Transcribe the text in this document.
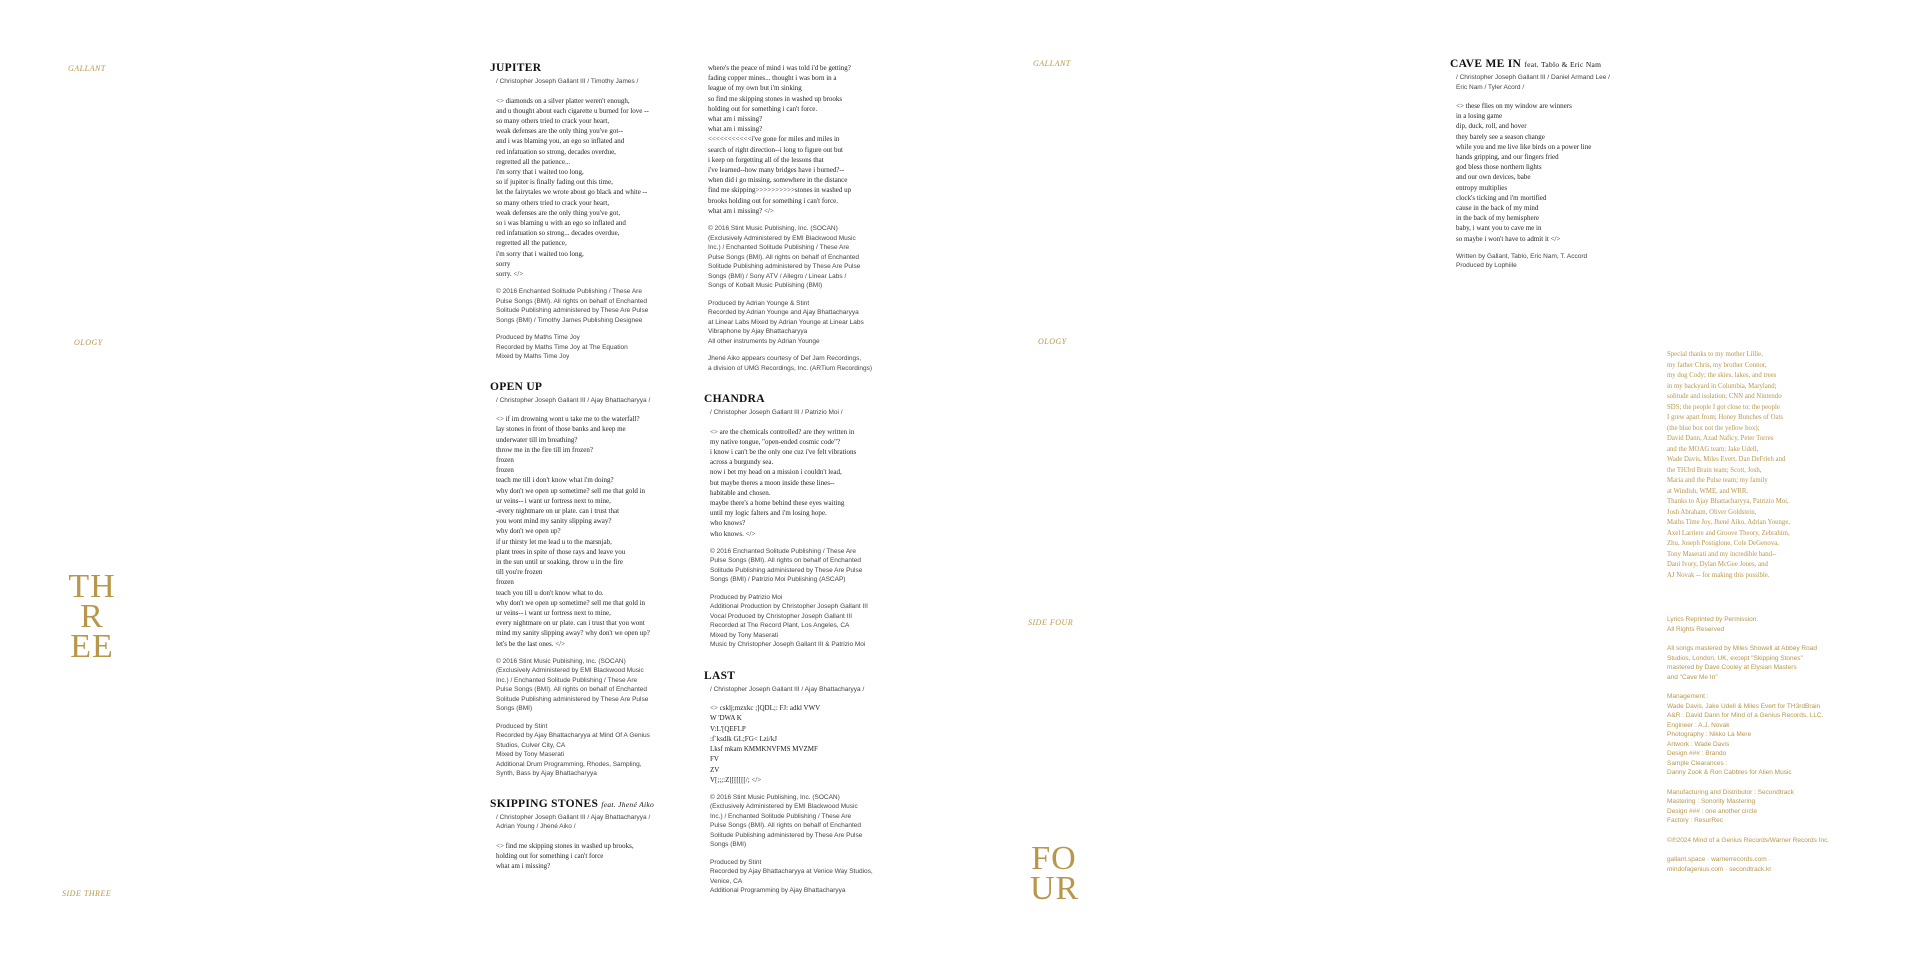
GALLANT
OLOGY
SIDE THREE
TH
R
EE
GALLANT
OLOGY
SIDE FOUR
FO
UR
JUPITER
/ Christopher Joseph Gallant III / Timothy James /
<> diamonds on a silver platter weren't enough,
and u thought about each cigarette u burned for love --
so many others tried to crack your heart,
weak defenses are the only thing you've got--
and i was blaming you, an ego so inflated and
red infatuation so strong, decades overdue,
regretted all the patience...
i'm sorry that i waited too long,
so if jupiter is finally fading out this time,
let the fairytales we wrote about go black and white --
so many others tried to crack your heart,
weak defenses are the only thing you've got,
so i was blaming u with an ego so inflated and
red infatuation so strong... decades overdue,
regretted all the patience,
i'm sorry that i waited too long,
sorry
sorry. </>
© 2016 Enchanted Solitude Publishing / These Are
Pulse Songs (BMI). All rights on behalf of Enchanted
Solitude Publishing administered by These Are Pulse
Songs (BMI) / Timothy James Publishing Designee
Produced by Maths Time Joy
Recorded by Maths Time Joy at The Equation
Mixed by Maths Time Joy
OPEN UP
/ Christopher Joseph Gallant III / Ajay Bhattacharyya /
<> if im drowning wont u take me to the waterfall?
lay stones in front of those banks and keep me
underwater till im breathing?
throw me in the fire till im frozen?
frozen
frozen
teach me till i don't know what i'm doing?
why don't we open up sometime? sell me that gold in
ur veins-- i want ur fortress next to mine,
-every nightmare on ur plate. can i trust that
you wont mind my sanity slipping away?
why don't we open up?
if ur thirsty let me lead u to the marsnjab,
plant trees in spite of those rays and leave you
in the sun until ur soaking, throw u in the fire
till you're frozen
frozen
teach you till u don't know what to do.
why don't we open up sometime? sell me that gold in
ur veins-- i want ur fortress next to mine,
every nightmare on ur plate. can i trust that you wont
mind my sanity slipping away? why don't we open up?
let's be the last ones. </>
© 2016 Stint Music Publishing, Inc. (SOCAN)
(Exclusively Administered by EMI Blackwood Music
Inc.) / Enchanted Solitude Publishing / These Are
Pulse Songs (BMI). All rights on behalf of Enchanted
Solitude Publishing administered by These Are Pulse
Songs (BMI)
Produced by Stint
Recorded by Ajay Bhattacharyya at Mind Of A Genius
Studios, Culver City, CA
Mixed by Tony Maserati
Additional Drum Programming, Rhodes, Sampling,
Synth, Bass by Ajay Bhattacharyya
SKIPPING STONES feat. Jhené Aiko
/ Christopher Joseph Gallant III / Ajay Bhattacharyya /
Adrian Young / Jhené Aiko /
<> find me skipping stones in washed up brooks,
holding out for something i can't force
what am i missing?
where's the peace of mind i was told i'd be getting?
fading copper mines... thought i was born in a
league of my own but i'm sinking
so find me skipping stones in washed up brooks
holding out for something i can't force.
what am i missing?
what am i missing?
<<<<<<<<<<<i've gone for miles and miles in
search of right direction--i long to figure out but
i keep on forgetting all of the lessons that
i've learned--how many bridges have i burned?--
when did i go missing, somewhere in the distance
find me skipping>>>>>>>>>>stones in washed up
brooks holding out for something i can't force.
what am i missing? </>
© 2016 Stint Music Publishing, Inc. (SOCAN)
(Exclusively Administered by EMI Blackwood Music
Inc.) / Enchanted Solitude Publishing / These Are
Pulse Songs (BMI). All rights on behalf of Enchanted
Solitude Publishing administered by These Are Pulse
Songs (BMI) / Sony ATV / Allegro / Linear Labs /
Songs of Kobalt Music Publishing (BMI)
Produced by Adrian Younge & Stint
Recorded by Adrian Younge and Ajay Bhattacharyya
at Linear Labs Mixed by Adrian Younge at Linear Labs
Vibraphone by Ajay Bhattacharyya
All other instruments by Adrian Younge
Jhené Aiko appears courtesy of Def Jam Recordings,
a division of UMG Recordings, Inc. (ARTium Recordings)
CHANDRA
/ Christopher Joseph Gallant III / Patrizio Moi /
<> are the chemicals controlled? are they written in
my native tongue, "open-ended cosmic code"?
i know i can't be the only one cuz i've felt vibrations
across a burgundy sea.
now i bet my head on a mission i couldn't lead,
but maybe theres a moon inside these lines--
habitable and chosen.
maybe there's a home behind these eyes waiting
until my logic falters and i'm losing hope.
who knows?
who knows. </>
© 2016 Enchanted Solitude Publishing / These Are
Pulse Songs (BMI). All rights on behalf of Enchanted
Solitude Publishing administered by These Are Pulse
Songs (BMI) / Patrizio Moi Publishing (ASCAP)
Produced by Patrizio Moi
Additional Production by Christopher Joseph Gallant III
Vocal Produced by Christopher Joseph Gallant III
Recorded at The Record Plant, Los Angeles, CA
Mixed by Tony Maserati
Music by Christopher Joseph Gallant III & Patrizio Moi
LAST
/ Christopher Joseph Gallant III / Ajay Bhattacharyya /
<> csklj;mzxkc ;]QDL;: FJ: adkl VWV
W 'DWA K
V:L'[QEFLP
:f`ksdlk GL;FG< Lzi/kJ
Lksf mkam KMMKNVFMS MVZMF
FV
ZV
V[;;;:Z[[[[[[[/; </>
© 2016 Stint Music Publishing, Inc. (SOCAN)
(Exclusively Administered by EMI Blackwood Music
Inc.) / Enchanted Solitude Publishing / These Are
Pulse Songs (BMI). All rights on behalf of Enchanted
Solitude Publishing administered by These Are Pulse
Songs (BMI)
Produced by Stint
Recorded by Ajay Bhattacharyya at Venice Way Studios,
Venice, CA
Additional Programming by Ajay Bhattacharyya
CAVE ME IN feat. Tablo & Eric Nam
/ Christopher Joseph Gallant III / Daniel Armand Lee /
Eric Nam / Tyler Acord /
<> these flies on my window are winners
in a losing game
dip, duck, roll, and hover
they barely see a season change
while you and me live like birds on a power line
hands gripping, and our fingers fried
god bless those northern lights
and our own devices, babe
entropy multiplies
clock's ticking and i'm mortified
cause in the back of my mind
in the back of my hemisphere
baby, i want you to cave me in
so maybe i won't have to admit it </>
Written by Gallant, Tablo, Eric Nam, T. Accord
Produced by Lophiile
Special thanks to my mother Lillie,
my father Chris, my brother Connor,
my dog Cody; the skies, lakes, and trees
in my backyard in Columbia, Maryland;
solitude and isolation; CNN and Nintendo
SDS; the people I got close to; the people
I grew apart from; Honey Bunches of Oats
(the blue box not the yellow box);
David Dann, Azad Naficy, Peter Torres
and the MOAG team; Jake Udell,
Wade Davis, Miles Evert, Dan DeFrieh and
the TH3rd Brain team; Scott, Josh,
Maria and the Pulse team; my family
at Windish, WME, and WRR.
Thanks to Ajay Bhattacharyya, Patrizio Moi,
Josh Abraham, Oliver Goldstein,
Maths Time Joy, Jhené Aiko, Adrian Younge,
Axel Larriere and Groove Theory, Zebrahim,
Zhu, Joseph Postiglone, Cole DeGenova,
Tony Maserati and my incredible band--
Dani Ivory, Dylan McGee Jones, and
AJ Novak -- for making this possible.
Lyrics Reprinted by Permission.
All Rights Reserved
All songs mastered by Miles Showell at Abbey Road
Studios, London, UK, except "Skipping Stones"
mastered by Dave Cooley at Elysian Masters
and "Cave Me In"
Management :
Wade Davis, Jake Udell & Miles Evert for TH3rdBrain
A&R : David Dann for Mind of a Genius Records, LLC.
Engineer : A.J. Novak
Photography : Nikko La Mere
Artwork : Wade Davis
Design ### : Brando
Sample Clearances :
Danny Zook & Ron Cabbles for Alien Music
Manufacturing and Distributor : Secondtrack
Mastering : Sonority Mastering
Design ### : one another circle
Factory : ResurRec
©℗2024 Mind of a Genius Records/Warner Records Inc.
gallant.space · warnerrecords.com ·
mindofagenius.com · secondtrack.kr
